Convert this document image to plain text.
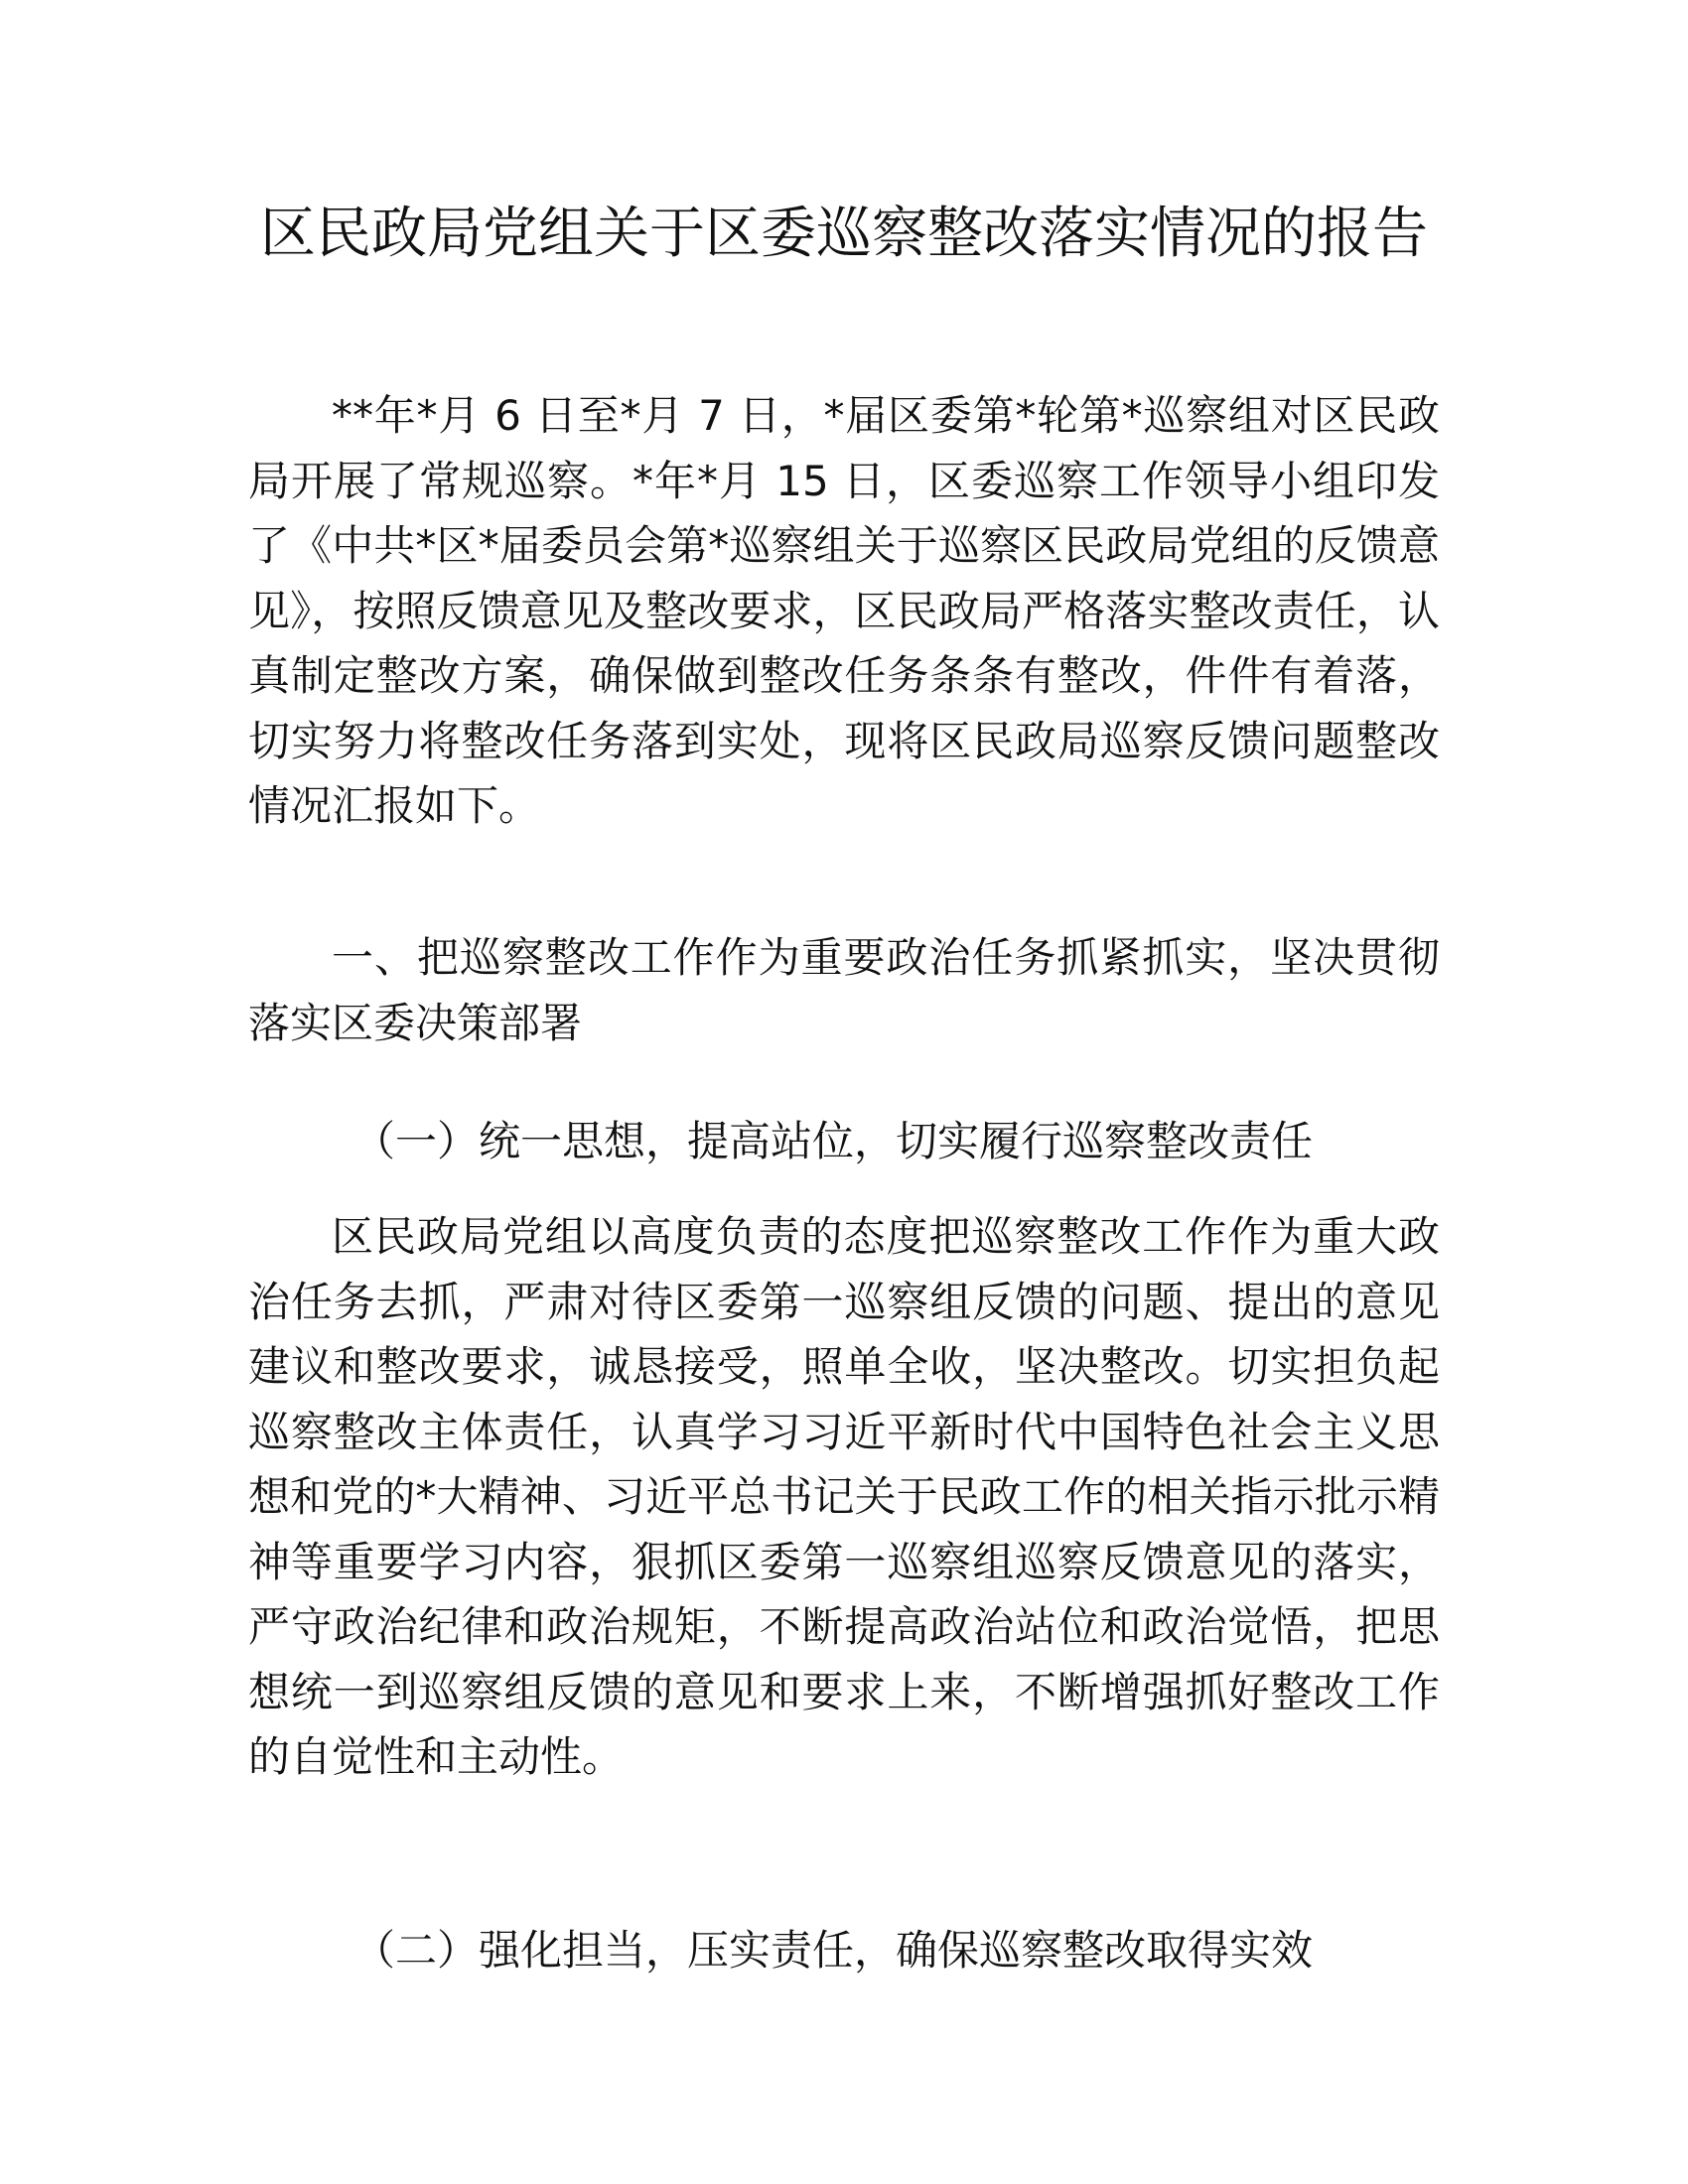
区民政局党组关于区委巡察整改落实情况的报告

**年*月 6 日至*月 7 日，*届区委第*轮第*巡察组对区民政局开展了常规巡察。*年*月 15 日，区委巡察工作领导小组印发了《中共*区*届委员会第*巡察组关于巡察区民政局党组的反馈意见》，按照反馈意见及整改要求，区民政局严格落实整改责任，认真制定整改方案，确保做到整改任务条条有整改，件件有着落，切实努力将整改任务落到实处，现将区民政局巡察反馈问题整改情况汇报如下。

一、把巡察整改工作作为重要政治任务抓紧抓实，坚决贯彻落实区委决策部署

（一）统一思想，提高站位，切实履行巡察整改责任

区民政局党组以高度负责的态度把巡察整改工作作为重大政治任务去抓，严肃对待区委第一巡察组反馈的问题、提出的意见建议和整改要求，诚恳接受，照单全收，坚决整改。切实担负起巡察整改主体责任，认真学习习近平新时代中国特色社会主义思想和党的*大精神、习近平总书记关于民政工作的相关指示批示精神等重要学习内容，狠抓区委第一巡察组巡察反馈意见的落实，严守政治纪律和政治规矩，不断提高政治站位和政治觉悟，把思想统一到巡察组反馈的意见和要求上来，不断增强抓好整改工作的自觉性和主动性。

（二）强化担当，压实责任，确保巡察整改取得实效
